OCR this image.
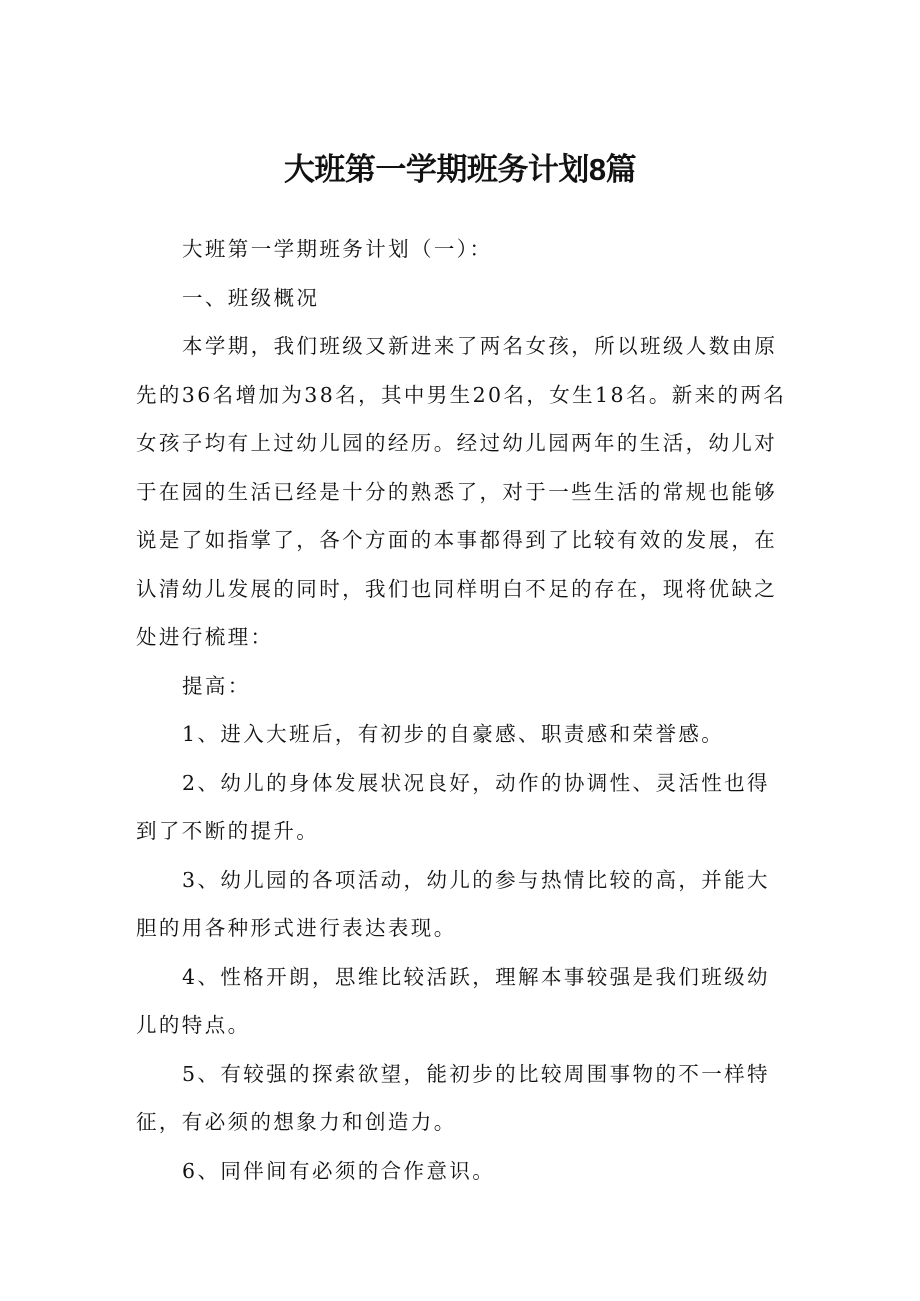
大班第一学期班务计划8篇

大班第一学期班务计划（一）：

一、班级概况

本学期，我们班级又新进来了两名女孩，所以班级人数由原先的36名增加为38名，其中男生20名，女生18名。新来的两名女孩子均有上过幼儿园的经历。经过幼儿园两年的生活，幼儿对于在园的生活已经是十分的熟悉了，对于一些生活的常规也能够说是了如指掌了，各个方面的本事都得到了比较有效的发展，在认清幼儿发展的同时，我们也同样明白不足的存在，现将优缺之处进行梳理：

提高：

1、进入大班后，有初步的自豪感、职责感和荣誉感。

2、幼儿的身体发展状况良好，动作的协调性、灵活性也得到了不断的提升。

3、幼儿园的各项活动，幼儿的参与热情比较的高，并能大胆的用各种形式进行表达表现。

4、性格开朗，思维比较活跃，理解本事较强是我们班级幼儿的特点。

5、有较强的探索欲望，能初步的比较周围事物的不一样特征，有必须的想象力和创造力。

6、同伴间有必须的合作意识。
